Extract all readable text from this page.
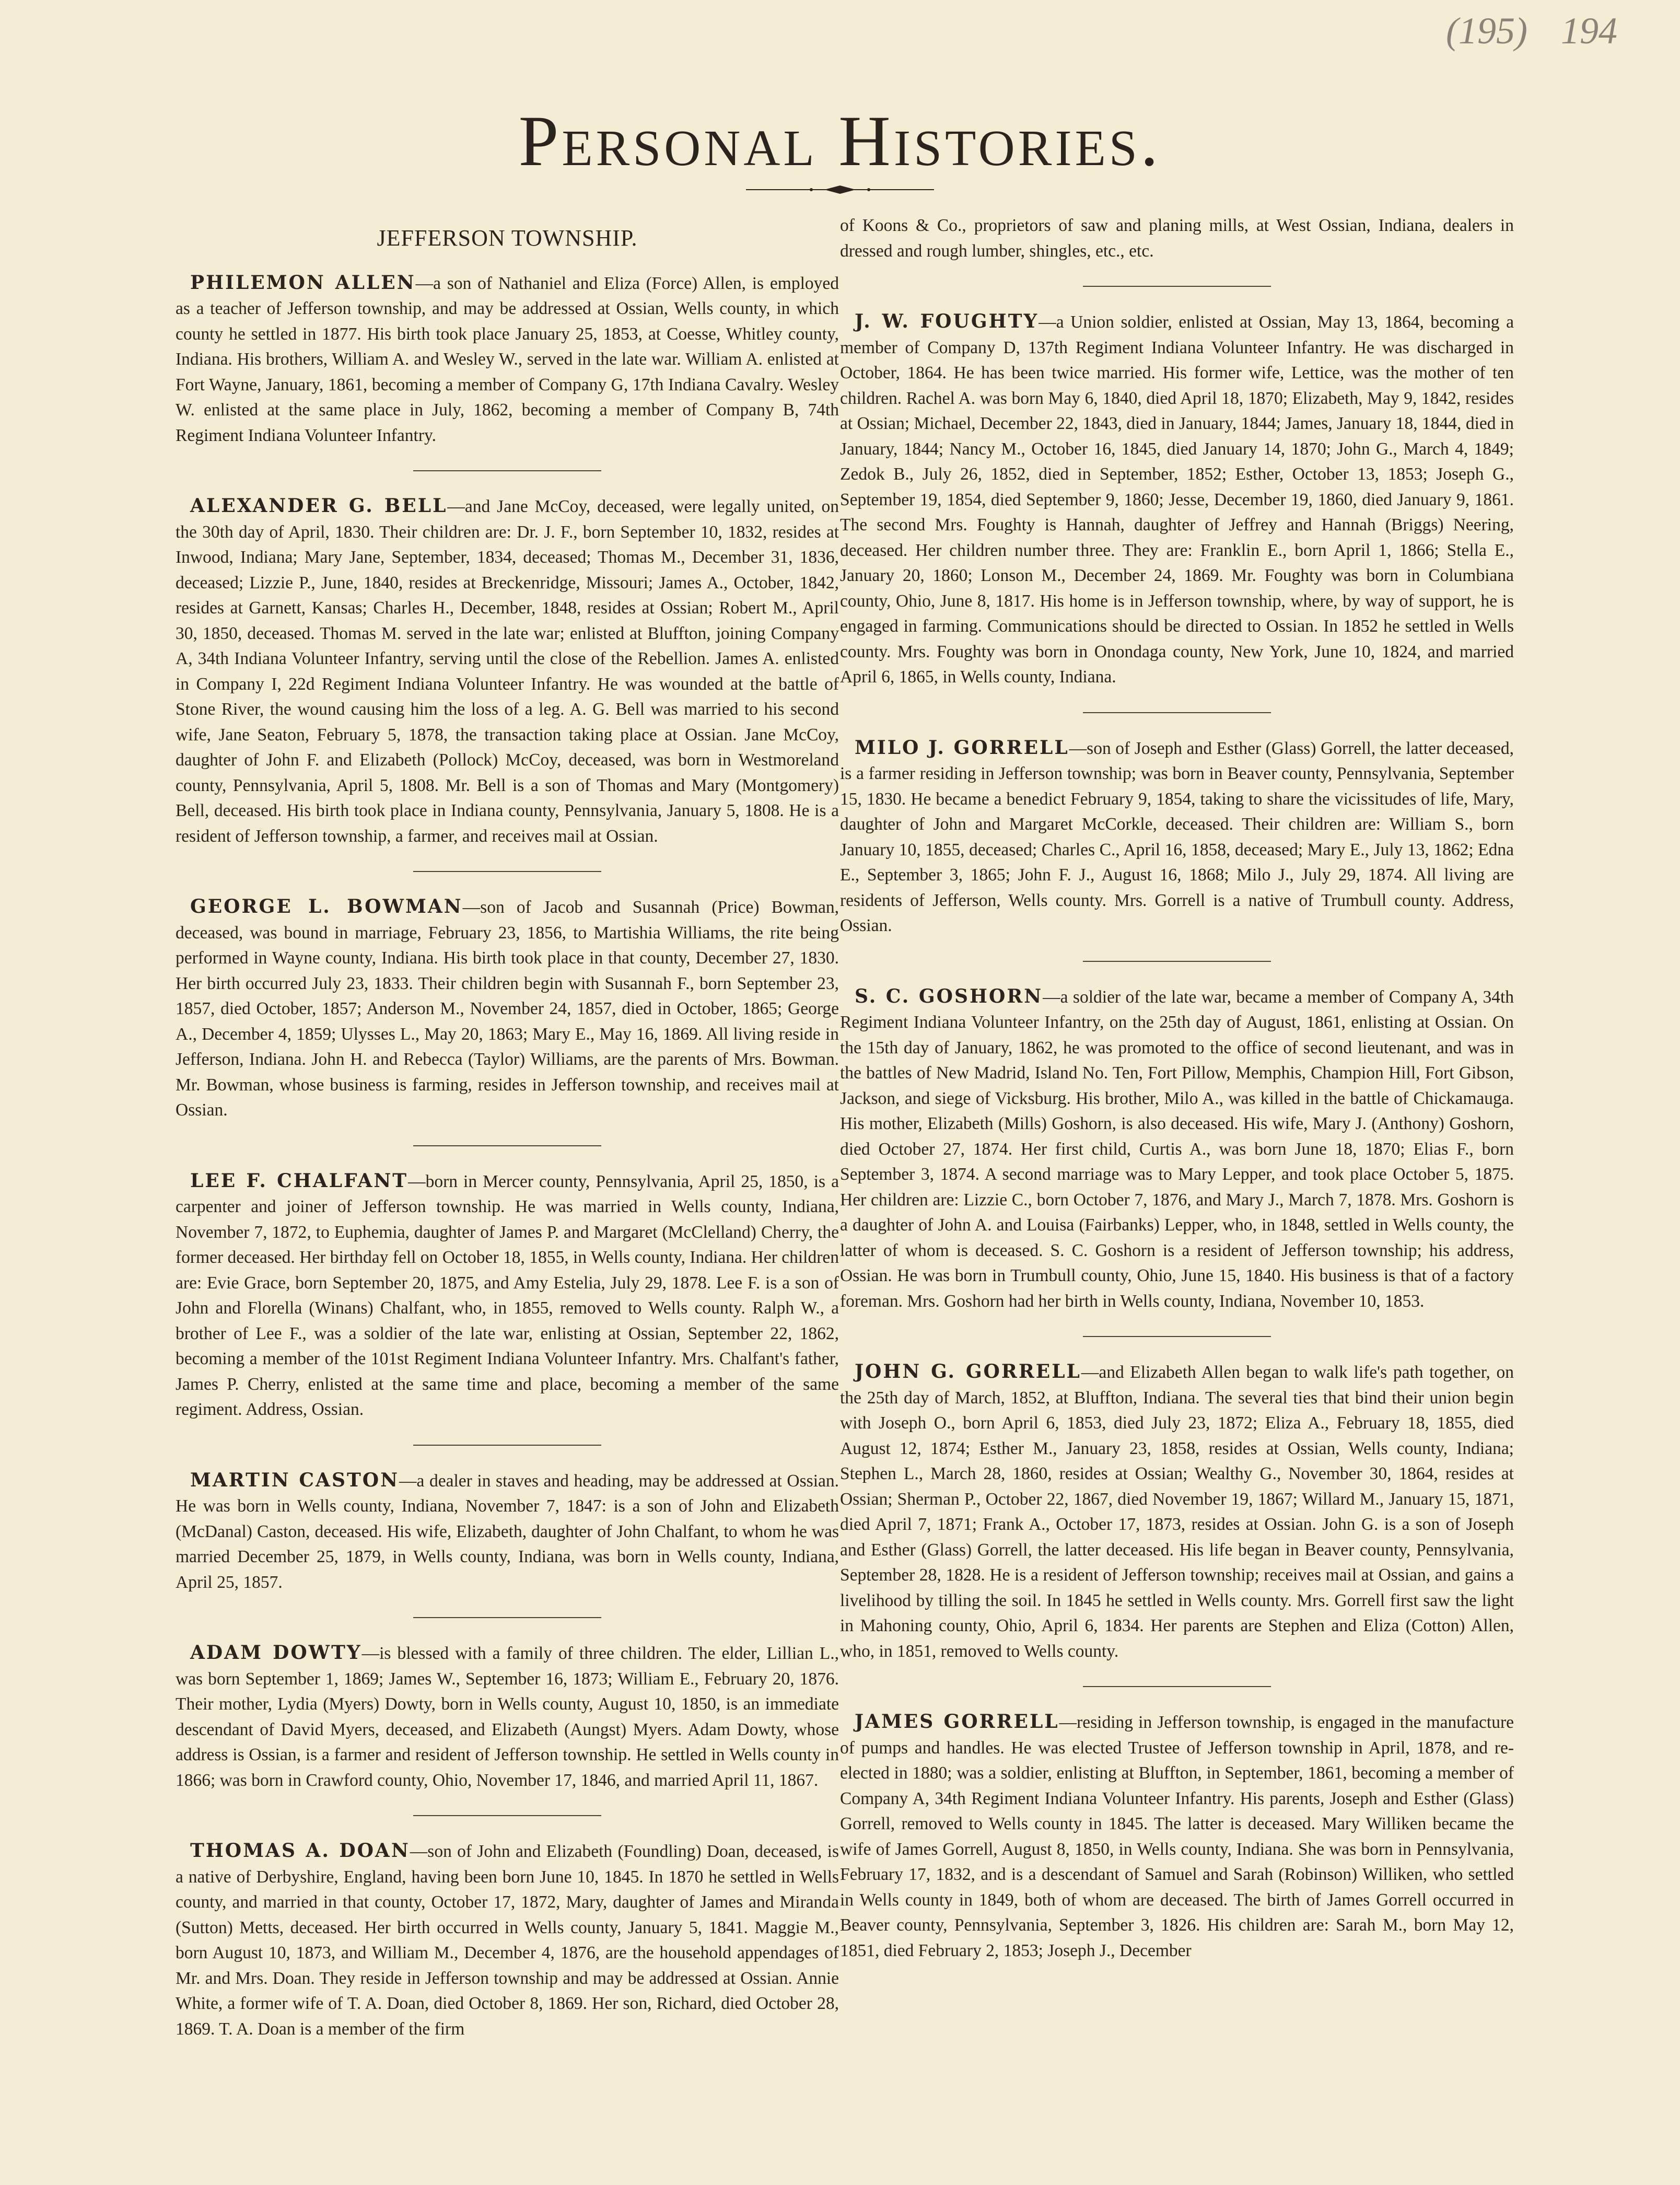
(195) 194
Personal Histories.
JEFFERSON TOWNSHIP.

PHILEMON ALLEN—a son of Nathaniel and Eliza (Force) Allen, is employed as a teacher of Jefferson township, and may be addressed at Ossian, Wells county, in which county he settled in 1877. His birth took place January 25, 1853, at Coesse, Whitley county, Indiana. His brothers, William A. and Wesley W., served in the late war. William A. enlisted at Fort Wayne, January, 1861, becoming a member of Company G, 17th Indiana Cavalry. Wesley W. enlisted at the same place in July, 1862, becoming a member of Company B, 74th Regiment Indiana Volunteer Infantry.

ALEXANDER G. BELL—and Jane McCoy, deceased, were legally united, on the 30th day of April, 1830. Their children are: Dr. J. F., born September 10, 1832, resides at Inwood, Indiana; Mary Jane, September, 1834, deceased; Thomas M., December 31, 1836, deceased; Lizzie P., June, 1840, resides at Breckenridge, Missouri; James A., October, 1842, resides at Garnett, Kansas; Charles H., December, 1848, resides at Ossian; Robert M., April 30, 1850, deceased. Thomas M. served in the late war; enlisted at Bluffton, joining Company A, 34th Indiana Volunteer Infantry, serving until the close of the Rebellion. James A. enlisted in Company I, 22d Regiment Indiana Volunteer Infantry. He was wounded at the battle of Stone River, the wound causing him the loss of a leg. A. G. Bell was married to his second wife, Jane Seaton, February 5, 1878, the transaction taking place at Ossian. Jane McCoy, daughter of John F. and Elizabeth (Pollock) McCoy, deceased, was born in Westmoreland county, Pennsylvania, April 5, 1808. Mr. Bell is a son of Thomas and Mary (Montgomery) Bell, deceased. His birth took place in Indiana county, Pennsylvania, January 5, 1808. He is a resident of Jefferson township, a farmer, and receives mail at Ossian.

GEORGE L. BOWMAN—son of Jacob and Susannah (Price) Bowman, deceased, was bound in marriage, February 23, 1856, to Martishia Williams, the rite being performed in Wayne county, Indiana. His birth took place in that county, December 27, 1830. Her birth occurred July 23, 1833. Their children begin with Susannah F., born September 23, 1857, died October, 1857; Anderson M., November 24, 1857, died in October, 1865; George A., December 4, 1859; Ulysses L., May 20, 1863; Mary E., May 16, 1869. All living reside in Jefferson, Indiana. John H. and Rebecca (Taylor) Williams, are the parents of Mrs. Bowman. Mr. Bowman, whose business is farming, resides in Jefferson township, and receives mail at Ossian.

LEE F. CHALFANT—born in Mercer county, Pennsylvania, April 25, 1850, is a carpenter and joiner of Jefferson township. He was married in Wells county, Indiana, November 7, 1872, to Euphemia, daughter of James P. and Margaret (McClelland) Cherry, the former deceased. Her birthday fell on October 18, 1855, in Wells county, Indiana. Her children are: Evie Grace, born September 20, 1875, and Amy Estelia, July 29, 1878. Lee F. is a son of John and Florella (Winans) Chalfant, who, in 1855, removed to Wells county. Ralph W., a brother of Lee F., was a soldier of the late war, enlisting at Ossian, September 22, 1862, becoming a member of the 101st Regiment Indiana Volunteer Infantry. Mrs. Chalfant's father, James P. Cherry, enlisted at the same time and place, becoming a member of the same regiment. Address, Ossian.

MARTIN CASTON—a dealer in staves and heading, may be addressed at Ossian. He was born in Wells county, Indiana, November 7, 1847: is a son of John and Elizabeth (McDanal) Caston, deceased. His wife, Elizabeth, daughter of John Chalfant, to whom he was married December 25, 1879, in Wells county, Indiana, was born in Wells county, Indiana, April 25, 1857.

ADAM DOWTY—is blessed with a family of three children. The elder, Lillian L., was born September 1, 1869; James W., September 16, 1873; William E., February 20, 1876. Their mother, Lydia (Myers) Dowty, born in Wells county, August 10, 1850, is an immediate descendant of David Myers, deceased, and Elizabeth (Aungst) Myers. Adam Dowty, whose address is Ossian, is a farmer and resident of Jefferson township. He settled in Wells county in 1866; was born in Crawford county, Ohio, November 17, 1846, and married April 11, 1867.

THOMAS A. DOAN—son of John and Elizabeth (Foundling) Doan, deceased, is a native of Derbyshire, England, having been born June 10, 1845. In 1870 he settled in Wells county, and married in that county, October 17, 1872, Mary, daughter of James and Miranda (Sutton) Metts, deceased. Her birth occurred in Wells county, January 5, 1841. Maggie M., born August 10, 1873, and William M., December 4, 1876, are the household appendages of Mr. and Mrs. Doan. They reside in Jefferson township and may be addressed at Ossian. Annie White, a former wife of T. A. Doan, died October 8, 1869. Her son, Richard, died October 28, 1869. T. A. Doan is a member of the firm

of Koons & Co., proprietors of saw and planing mills, at West Ossian, Indiana, dealers in dressed and rough lumber, shingles, etc., etc.

J. W. FOUGHTY—a Union soldier, enlisted at Ossian, May 13, 1864, becoming a member of Company D, 137th Regiment Indiana Volunteer Infantry. He was discharged in October, 1864. He has been twice married. His former wife, Lettice, was the mother of ten children. Rachel A. was born May 6, 1840, died April 18, 1870; Elizabeth, May 9, 1842, resides at Ossian; Michael, December 22, 1843, died in January, 1844; James, January 18, 1844, died in January, 1844; Nancy M., October 16, 1845, died January 14, 1870; John G., March 4, 1849; Zedok B., July 26, 1852, died in September, 1852; Esther, October 13, 1853; Joseph G., September 19, 1854, died September 9, 1860; Jesse, December 19, 1860, died January 9, 1861. The second Mrs. Foughty is Hannah, daughter of Jeffrey and Hannah (Briggs) Neering, deceased. Her children number three. They are: Franklin E., born April 1, 1866; Stella E., January 20, 1860; Lonson M., December 24, 1869. Mr. Foughty was born in Columbiana county, Ohio, June 8, 1817. His home is in Jefferson township, where, by way of support, he is engaged in farming. Communications should be directed to Ossian. In 1852 he settled in Wells county. Mrs. Foughty was born in Onondaga county, New York, June 10, 1824, and married April 6, 1865, in Wells county, Indiana.

MILO J. GORRELL—son of Joseph and Esther (Glass) Gorrell, the latter deceased, is a farmer residing in Jefferson township; was born in Beaver county, Pennsylvania, September 15, 1830. He became a benedict February 9, 1854, taking to share the vicissitudes of life, Mary, daughter of John and Margaret McCorkle, deceased. Their children are: William S., born January 10, 1855, deceased; Charles C., April 16, 1858, deceased; Mary E., July 13, 1862; Edna E., September 3, 1865; John F. J., August 16, 1868; Milo J., July 29, 1874. All living are residents of Jefferson, Wells county. Mrs. Gorrell is a native of Trumbull county. Address, Ossian.

S. C. GOSHORN—a soldier of the late war, became a member of Company A, 34th Regiment Indiana Volunteer Infantry, on the 25th day of August, 1861, enlisting at Ossian. On the 15th day of January, 1862, he was promoted to the office of second lieutenant, and was in the battles of New Madrid, Island No. Ten, Fort Pillow, Memphis, Champion Hill, Fort Gibson, Jackson, and siege of Vicksburg. His brother, Milo A., was killed in the battle of Chickamauga. His mother, Elizabeth (Mills) Goshorn, is also deceased. His wife, Mary J. (Anthony) Goshorn, died October 27, 1874. Her first child, Curtis A., was born June 18, 1870; Elias F., born September 3, 1874. A second marriage was to Mary Lepper, and took place October 5, 1875. Her children are: Lizzie C., born October 7, 1876, and Mary J., March 7, 1878. Mrs. Goshorn is a daughter of John A. and Louisa (Fairbanks) Lepper, who, in 1848, settled in Wells county, the latter of whom is deceased. S. C. Goshorn is a resident of Jefferson township; his address, Ossian. He was born in Trumbull county, Ohio, June 15, 1840. His business is that of a factory foreman. Mrs. Goshorn had her birth in Wells county, Indiana, November 10, 1853.

JOHN G. GORRELL—and Elizabeth Allen began to walk life's path together, on the 25th day of March, 1852, at Bluffton, Indiana. The several ties that bind their union begin with Joseph O., born April 6, 1853, died July 23, 1872; Eliza A., February 18, 1855, died August 12, 1874; Esther M., January 23, 1858, resides at Ossian, Wells county, Indiana; Stephen L., March 28, 1860, resides at Ossian; Wealthy G., November 30, 1864, resides at Ossian; Sherman P., October 22, 1867, died November 19, 1867; Willard M., January 15, 1871, died April 7, 1871; Frank A., October 17, 1873, resides at Ossian. John G. is a son of Joseph and Esther (Glass) Gorrell, the latter deceased. His life began in Beaver county, Pennsylvania, September 28, 1828. He is a resident of Jefferson township; receives mail at Ossian, and gains a livelihood by tilling the soil. In 1845 he settled in Wells county. Mrs. Gorrell first saw the light in Mahoning county, Ohio, April 6, 1834. Her parents are Stephen and Eliza (Cotton) Allen, who, in 1851, removed to Wells county.

JAMES GORRELL—residing in Jefferson township, is engaged in the manufacture of pumps and handles. He was elected Trustee of Jefferson township in April, 1878, and re-elected in 1880; was a soldier, enlisting at Bluffton, in September, 1861, becoming a member of Company A, 34th Regiment Indiana Volunteer Infantry. His parents, Joseph and Esther (Glass) Gorrell, removed to Wells county in 1845. The latter is deceased. Mary Williken became the wife of James Gorrell, August 8, 1850, in Wells county, Indiana. She was born in Pennsylvania, February 17, 1832, and is a descendant of Samuel and Sarah (Robinson) Williken, who settled in Wells county in 1849, both of whom are deceased. The birth of James Gorrell occurred in Beaver county, Pennsylvania, September 3, 1826. His children are: Sarah M., born May 12, 1851, died February 2, 1853; Joseph J., December
